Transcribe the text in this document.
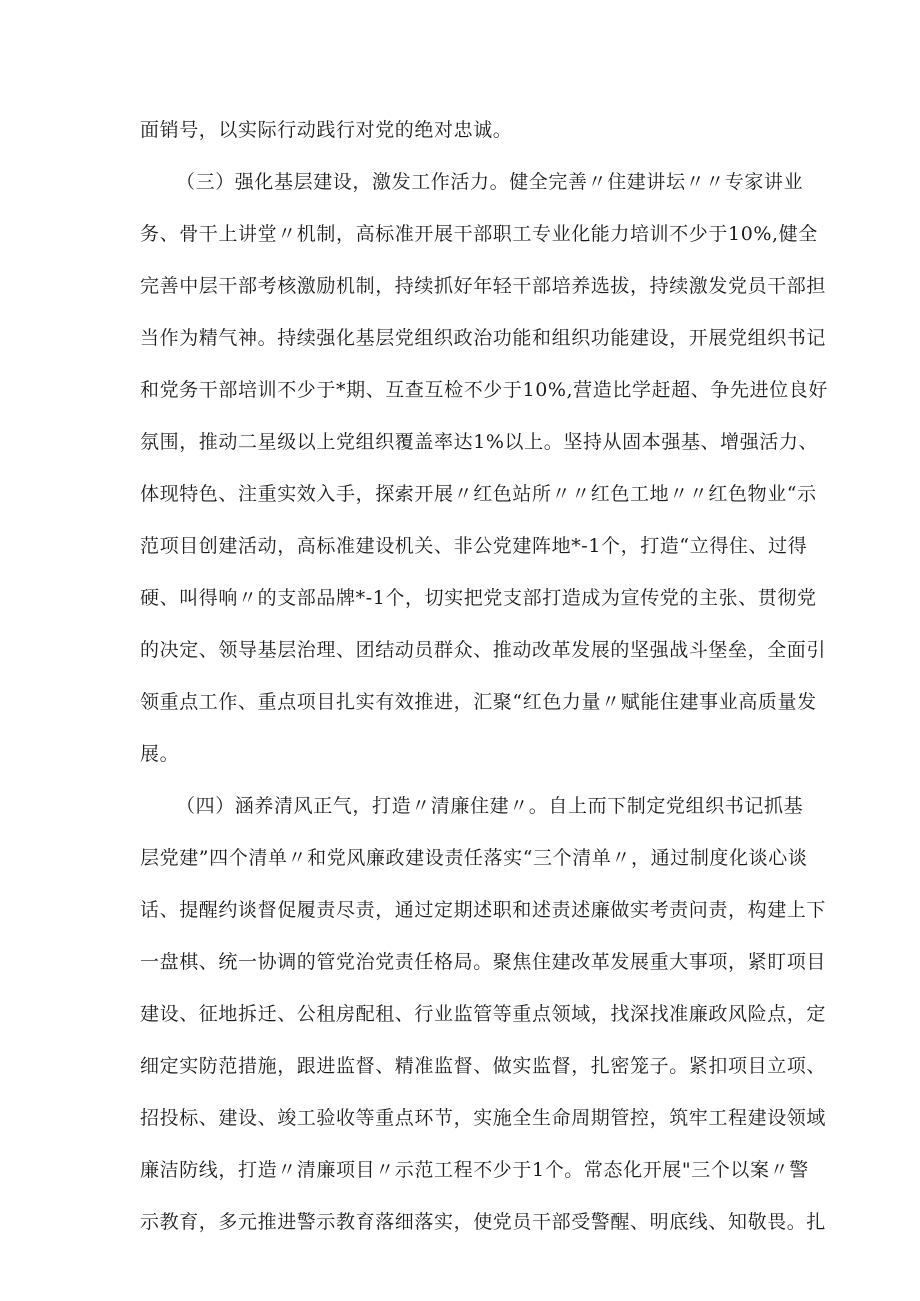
面销号，以实际行动践行对党的绝对忠诚。
（三）强化基层建设，激发工作活力。健全完善〃住建讲坛〃〃专家讲业
务、骨干上讲堂〃机制，高标准开展干部职工专业化能力培训不少于10%,健全
完善中层干部考核激励机制，持续抓好年轻干部培养选拔，持续激发党员干部担
当作为精气神。持续强化基层党组织政治功能和组织功能建设，开展党组织书记
和党务干部培训不少于*期、互查互检不少于10%,营造比学赶超、争先进位良好
氛围，推动二星级以上党组织覆盖率达1%以上。坚持从固本强基、增强活力、
体现特色、注重实效入手，探索开展〃红色站所〃〃红色工地〃〃红色物业“示
范项目创建活动，高标准建设机关、非公党建阵地*-1个，打造“立得住、过得
硬、叫得响〃的支部品牌*-1个，切实把党支部打造成为宣传党的主张、贯彻党
的决定、领导基层治理、团结动员群众、推动改革发展的坚强战斗堡垒，全面引
领重点工作、重点项目扎实有效推进，汇聚“红色力量〃赋能住建事业高质量发
展。
（四）涵养清风正气，打造〃清廉住建〃。自上而下制定党组织书记抓基
层党建”四个清单〃和党风廉政建设责任落实“三个清单〃，通过制度化谈心谈
话、提醒约谈督促履责尽责，通过定期述职和述责述廉做实考责问责，构建上下
一盘棋、统一协调的管党治党责任格局。聚焦住建改革发展重大事项，紧盯项目
建设、征地拆迁、公租房配租、行业监管等重点领域，找深找准廉政风险点，定
细定实防范措施，跟进监督、精准监督、做实监督，扎密笼子。紧扣项目立项、
招投标、建设、竣工验收等重点环节，实施全生命周期管控，筑牢工程建设领域
廉洁防线，打造〃清廉项目〃示范工程不少于1个。常态化开展"三个以案〃警
示教育，多元推进警示教育落细落实，使党员干部受警醒、明底线、知敬畏。扎
